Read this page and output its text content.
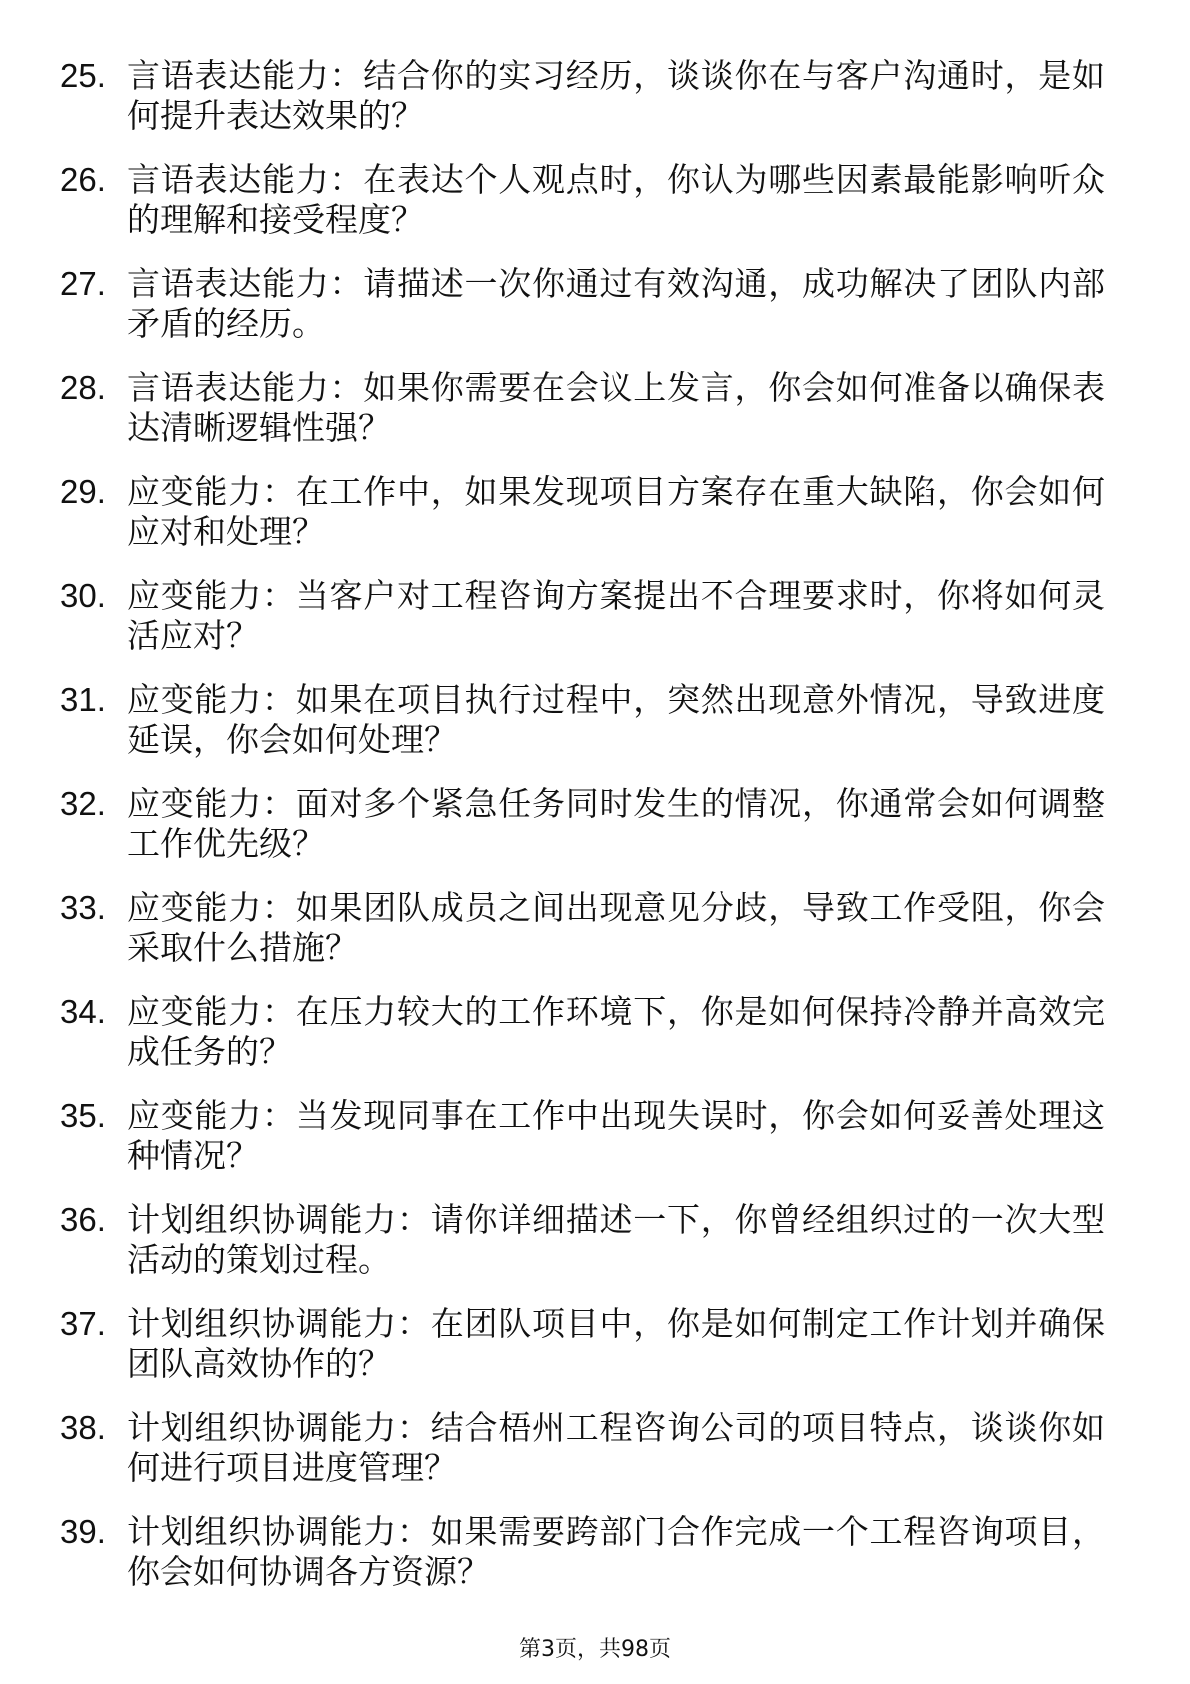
25. 言语表达能力：结合你的实习经历，谈谈你在与客户沟通时，是如何提升表达效果的？
26. 言语表达能力：在表达个人观点时，你认为哪些因素最能影响听众的理解和接受程度？
27. 言语表达能力：请描述一次你通过有效沟通，成功解决了团队内部矛盾的经历。
28. 言语表达能力：如果你需要在会议上发言，你会如何准备以确保表达清晰逻辑性强？
29. 应变能力：在工作中，如果发现项目方案存在重大缺陷，你会如何应对和处理？
30. 应变能力：当客户对工程咨询方案提出不合理要求时，你将如何灵活应对？
31. 应变能力：如果在项目执行过程中，突然出现意外情况，导致进度延误，你会如何处理？
32. 应变能力：面对多个紧急任务同时发生的情况，你通常会如何调整工作优先级？
33. 应变能力：如果团队成员之间出现意见分歧，导致工作受阻，你会采取什么措施？
34. 应变能力：在压力较大的工作环境下，你是如何保持冷静并高效完成任务的？
35. 应变能力：当发现同事在工作中出现失误时，你会如何妥善处理这种情况？
36. 计划组织协调能力：请你详细描述一下，你曾经组织过的一次大型活动的策划过程。
37. 计划组织协调能力：在团队项目中，你是如何制定工作计划并确保团队高效协作的？
38. 计划组织协调能力：结合梧州工程咨询公司的项目特点，谈谈你如何进行项目进度管理？
39. 计划组织协调能力：如果需要跨部门合作完成一个工程咨询项目，你会如何协调各方资源？
第3页，共98页
